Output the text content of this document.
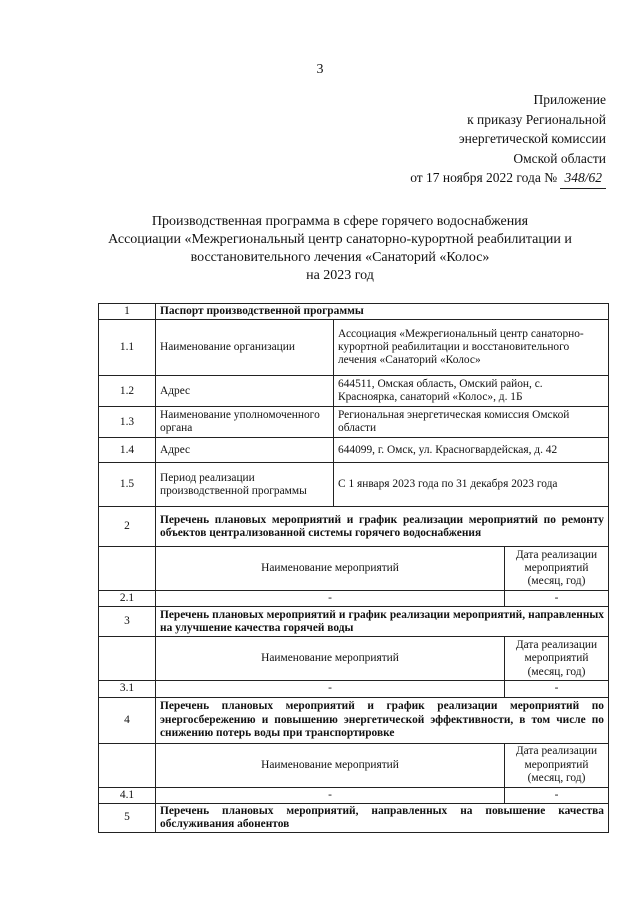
3
Приложение
к приказу Региональной
энергетической комиссии
Омской области
от 17 ноября 2022 года № 348/62
Производственная программа в сфере горячего водоснабжения
Ассоциации «Межрегиональный центр санаторно-курортной реабилитации и
восстановительного лечения «Санаторий «Колос»
на 2023 год
1	Паспорт производственной программы		
1.1	Наименование организации	Ассоциация «Межрегиональный центр санаторно-курортной реабилитации и восстановительного лечения «Санаторий «Колос»	
1.2	Адрес	644511, Омская область, Омский район, с. Красноярка, санаторий «Колос», д. 1Б	
1.3	Наименование уполномоченного органа	Региональная энергетическая комиссия Омской области	
1.4	Адрес	644099, г. Омск, ул. Красногвардейская, д. 42	
1.5	Период реализации производственной программы	С 1 января 2023 года по 31 декабря 2023 года	
2	Перечень плановых мероприятий и график реализации мероприятий по ремонту объектов централизованной системы горячего водоснабжения		
	Наименование мероприятий		Дата реализации мероприятий (месяц, год)
2.1	-		-
3	Перечень плановых мероприятий и график реализации мероприятий, направленных на улучшение качества горячей воды		
	Наименование мероприятий		Дата реализации мероприятий (месяц, год)
3.1	-		-
4	Перечень плановых мероприятий и график реализации мероприятий по энергосбережению и повышению энергетической эффективности, в том числе по снижению потерь воды при транспортировке		
	Наименование мероприятий		Дата реализации мероприятий (месяц, год)
4.1	-		-
5	Перечень плановых мероприятий, направленных на повышение качества обслуживания абонентов		
